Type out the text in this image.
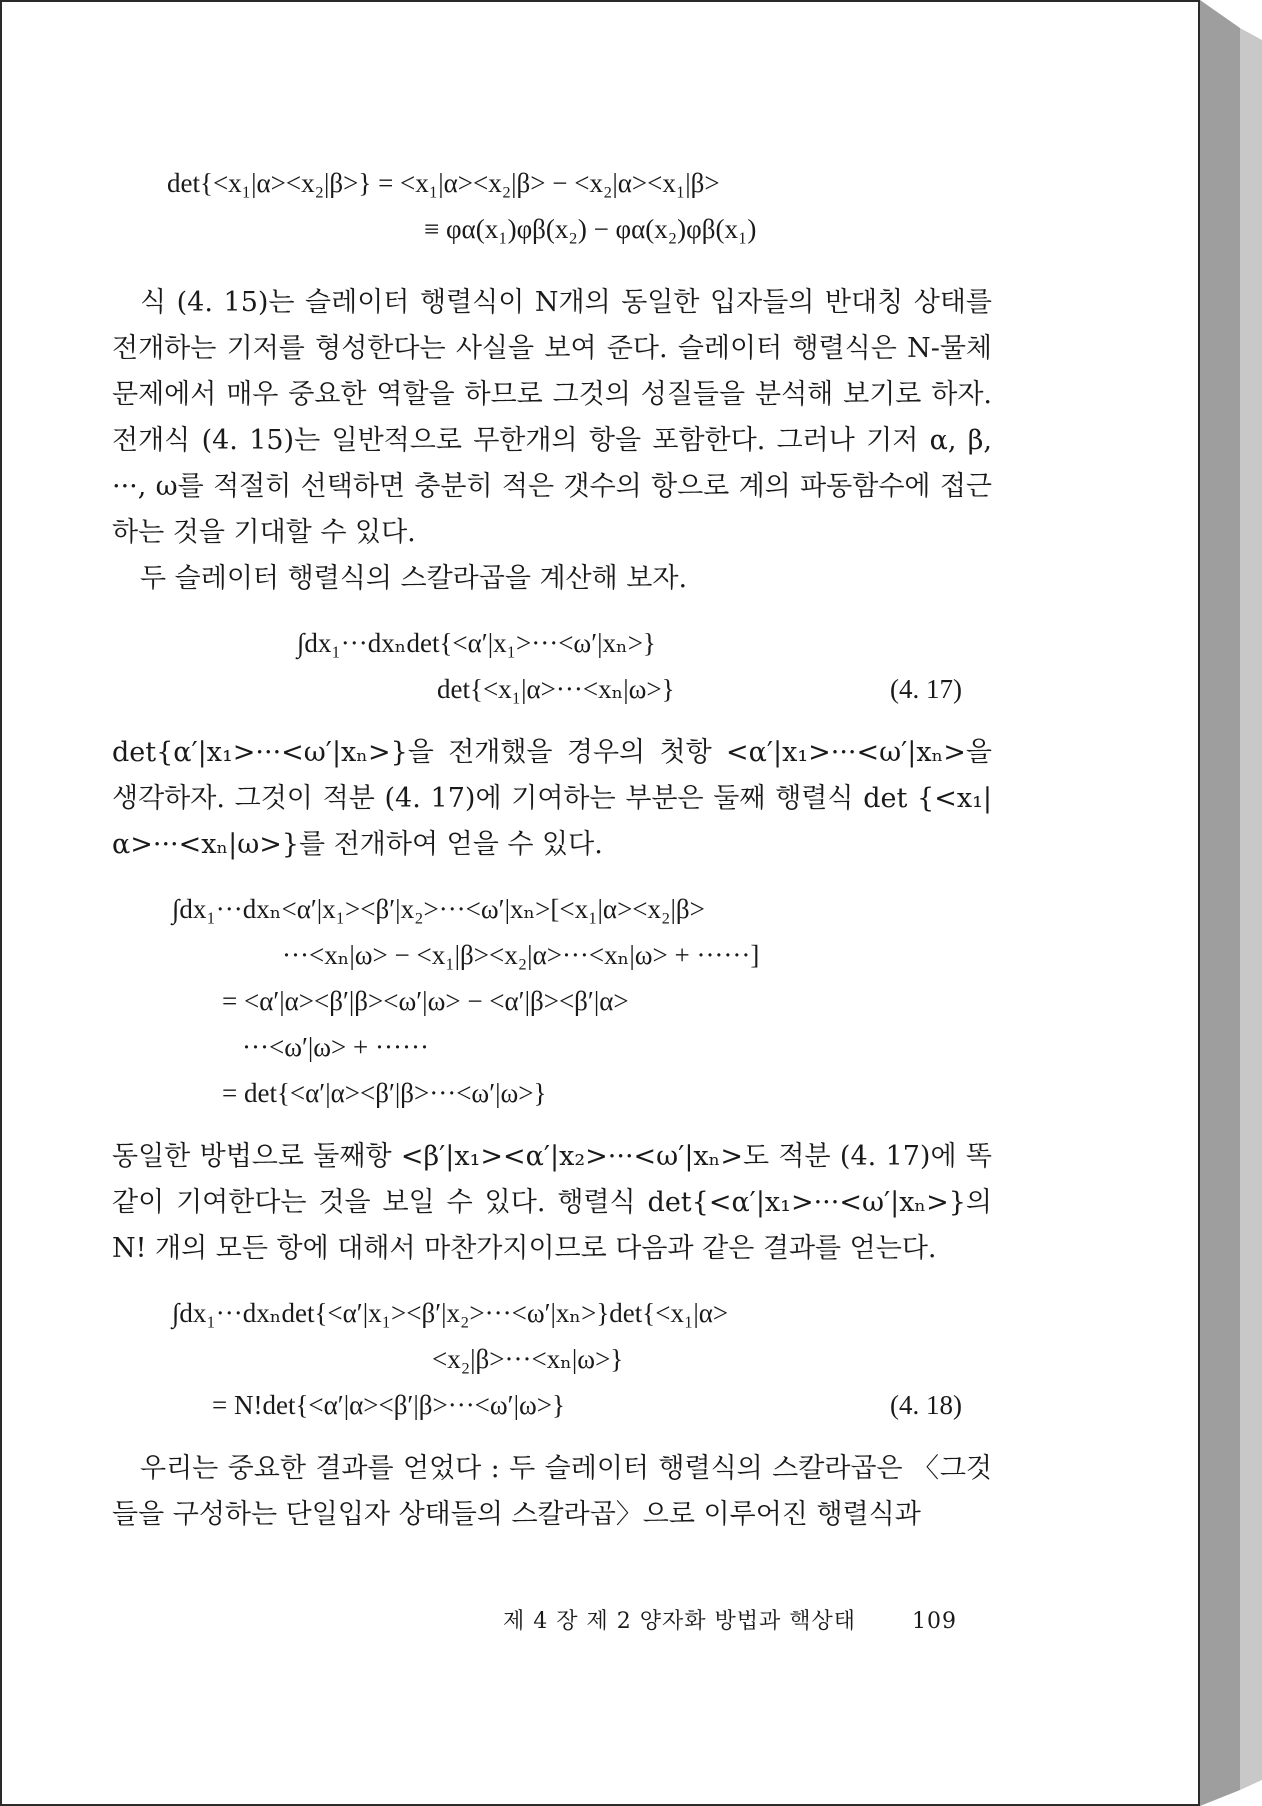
det{<x₁|α><x₂|β>} = <x₁|α><x₂|β> − <x₂|α><x₁|β>
≡ φα(x₁)φβ(x₂) − φα(x₂)φβ(x₁)

식 (4. 15)는 슬레이터 행렬식이 N개의 동일한 입자들의 반대칭 상태를 전개하는 기저를 형성한다는 사실을 보여 준다. 슬레이터 행렬식은 N-물체 문제에서 매우 중요한 역할을 하므로 그것의 성질들을 분석해 보기로 하자. 전개식 (4. 15)는 일반적으로 무한개의 항을 포함한다. 그러나 기저 α, β, ···, ω를 적절히 선택하면 충분히 적은 갯수의 항으로 계의 파동함수에 접근하는 것을 기대할 수 있다.

두 슬레이터 행렬식의 스칼라곱을 계산해 보자.

∫dx₁···dxₙdet{<α′|x₁>···<ω′|xₙ>}
det{<x₁|α>···<xₙ|ω>}	(4. 17)

det{α′|x₁>···<ω′|xₙ>}을 전개했을 경우의 첫항 <α′|x₁>···<ω′|xₙ>을 생각하자. 그것이 적분 (4. 17)에 기여하는 부분은 둘째 행렬식 det {<x₁|α>···<xₙ|ω>}를 전개하여 얻을 수 있다.

∫dx₁···dxₙ<α′|x₁><β′|x₂>···<ω′|xₙ>[<x₁|α><x₂|β>
···<xₙ|ω> − <x₁|β><x₂|α>···<xₙ|ω> + ······]
= <α′|α><β′|β><ω′|ω> − <α′|β><β′|α>
···<ω′|ω> + ······
= det{<α′|α><β′|β>···<ω′|ω>}

동일한 방법으로 둘째항 <β′|x₁><α′|x₂>···<ω′|xₙ>도 적분 (4. 17)에 똑같이 기여한다는 것을 보일 수 있다. 행렬식 det{<α′|x₁>···<ω′|xₙ>}의 N! 개의 모든 항에 대해서 마찬가지이므로 다음과 같은 결과를 얻는다.

∫dx₁···dxₙdet{<α′|x₁><β′|x₂>···<ω′|xₙ>}det{<x₁|α>
<x₂|β>···<xₙ|ω>}
= N!det{<α′|α><β′|β>···<ω′|ω>}	(4. 18)

우리는 중요한 결과를 얻었다 : 두 슬레이터 행렬식의 스칼라곱은 〈그것들을 구성하는 단일입자 상태들의 스칼라곱〉으로 이루어진 행렬식과

제 4 장 제 2 양자화 방법과 핵상태	109
